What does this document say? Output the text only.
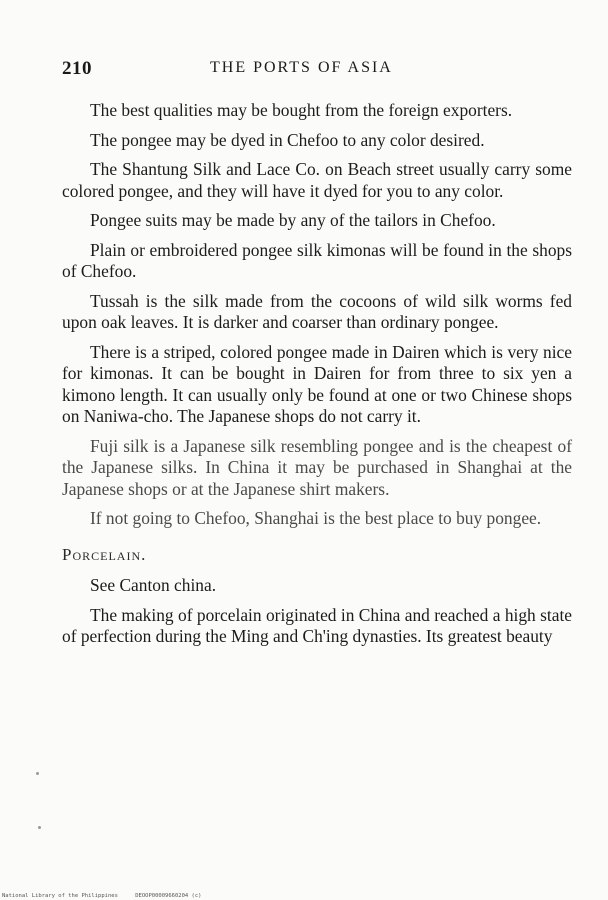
210	THE PORTS OF ASIA

The best qualities may be bought from the foreign exporters.

The pongee may be dyed in Chefoo to any color desired.

The Shantung Silk and Lace Co. on Beach street usually carry some colored pongee, and they will have it dyed for you to any color.

Pongee suits may be made by any of the tailors in Chefoo.

Plain or embroidered pongee silk kimonas will be found in the shops of Chefoo.

Tussah is the silk made from the cocoons of wild silk worms fed upon oak leaves. It is darker and coarser than ordinary pongee.

There is a striped, colored pongee made in Dairen which is very nice for kimonas. It can be bought in Dairen for from three to six yen a kimono length. It can usually only be found at one or two Chinese shops on Naniwa-cho. The Japanese shops do not carry it.

Fuji silk is a Japanese silk resembling pongee and is the cheapest of the Japanese silks. In China it may be purchased in Shanghai at the Japanese shops or at the Japanese shirt makers.

If not going to Chefoo, Shanghai is the best place to buy pongee.

Porcelain.

See Canton china.

The making of porcelain originated in China and reached a high state of perfection during the Ming and Ch'ing dynasties. Its greatest beauty

National Library of the Philippines	DEOOP00009660204 (c)
